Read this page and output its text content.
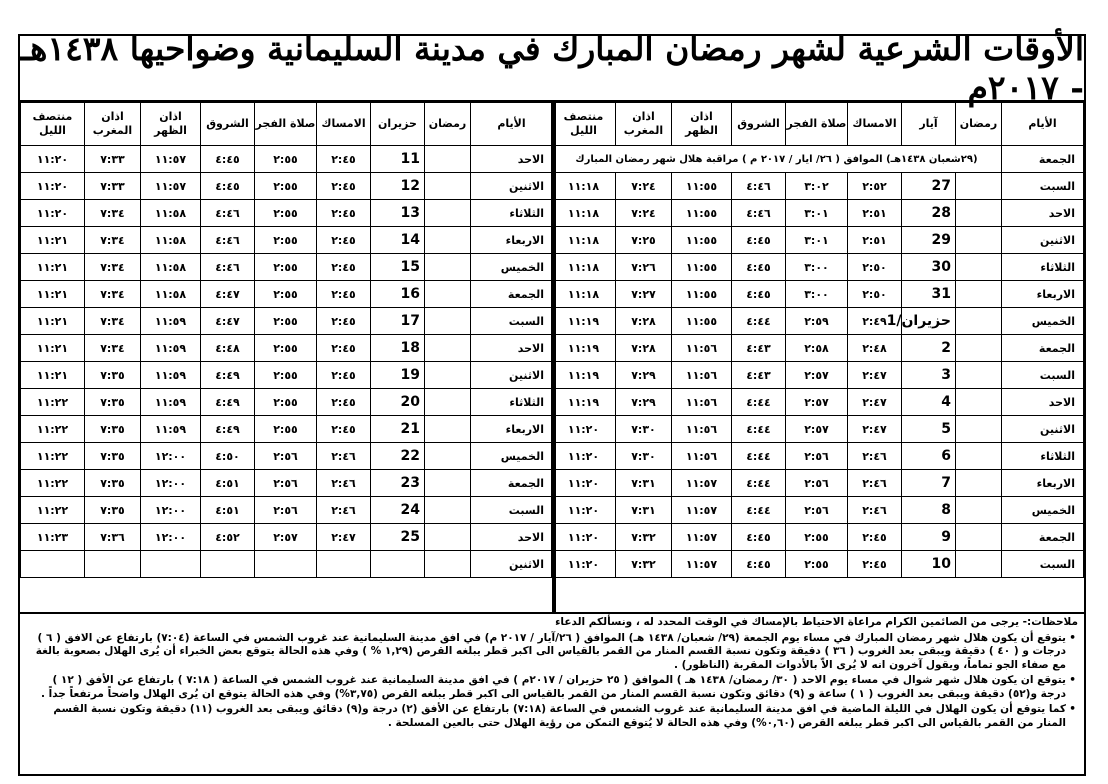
الأوقات الشرعية لشهر رمضان المبارك في مدينة السليمانية وضواحيها ١٤٣٨هـ - ٢٠١٧م
الأيام	رمضان	آيار	الامساك	صلاة الفجر	الشروق	اذان الظهر	اذان المغرب	منتصف الليل
الجمعة	(٢٩شعبان ١٤٣٨هـ) الموافق ( ٢٦/ ايار / ٢٠١٧ م ) مراقبة هلال شهر رمضان المبارك							
السبت		27	٢:٥٢	٣:٠٢	٤:٤٦	١١:٥٥	٧:٢٤	١١:١٨
الاحد		28	٢:٥١	٣:٠١	٤:٤٦	١١:٥٥	٧:٢٤	١١:١٨
الاثنين		29	٢:٥١	٣:٠١	٤:٤٥	١١:٥٥	٧:٢٥	١١:١٨
الثلاثاء		30	٢:٥٠	٣:٠٠	٤:٤٥	١١:٥٥	٧:٢٦	١١:١٨
الاربعاء		31	٢:٥٠	٣:٠٠	٤:٤٥	١١:٥٥	٧:٢٧	١١:١٨
الخميس		حزيران/1	٢:٤٩	٢:٥٩	٤:٤٤	١١:٥٥	٧:٢٨	١١:١٩
الجمعة		2	٢:٤٨	٢:٥٨	٤:٤٣	١١:٥٦	٧:٢٨	١١:١٩
السبت		3	٢:٤٧	٢:٥٧	٤:٤٣	١١:٥٦	٧:٢٩	١١:١٩
الاحد		4	٢:٤٧	٢:٥٧	٤:٤٤	١١:٥٦	٧:٢٩	١١:١٩
الاثنين		5	٢:٤٧	٢:٥٧	٤:٤٤	١١:٥٦	٧:٣٠	١١:٢٠
الثلاثاء		6	٢:٤٦	٢:٥٦	٤:٤٤	١١:٥٦	٧:٣٠	١١:٢٠
الاربعاء		7	٢:٤٦	٢:٥٦	٤:٤٤	١١:٥٧	٧:٣١	١١:٢٠
الخميس		8	٢:٤٦	٢:٥٦	٤:٤٤	١١:٥٧	٧:٣١	١١:٢٠
الجمعة		9	٢:٤٥	٢:٥٥	٤:٤٥	١١:٥٧	٧:٣٢	١١:٢٠
السبت		10	٢:٤٥	٢:٥٥	٤:٤٥	١١:٥٧	٧:٣٢	١١:٢٠
الأيام	رمضان	حزيران	الامساك	صلاة الفجر	الشروق	اذان الظهر	اذان المغرب	منتصف الليل
الاحد		11	٢:٤٥	٢:٥٥	٤:٤٥	١١:٥٧	٧:٣٣	١١:٢٠
الاثنين		12	٢:٤٥	٢:٥٥	٤:٤٥	١١:٥٧	٧:٣٣	١١:٢٠
الثلاثاء		13	٢:٤٥	٢:٥٥	٤:٤٦	١١:٥٨	٧:٣٤	١١:٢٠
الاربعاء		14	٢:٤٥	٢:٥٥	٤:٤٦	١١:٥٨	٧:٣٤	١١:٢١
الخميس		15	٢:٤٥	٢:٥٥	٤:٤٦	١١:٥٨	٧:٣٤	١١:٢١
الجمعة		16	٢:٤٥	٢:٥٥	٤:٤٧	١١:٥٨	٧:٣٤	١١:٢١
السبت		17	٢:٤٥	٢:٥٥	٤:٤٧	١١:٥٩	٧:٣٤	١١:٢١
الاحد		18	٢:٤٥	٢:٥٥	٤:٤٨	١١:٥٩	٧:٣٤	١١:٢١
الاثنين		19	٢:٤٥	٢:٥٥	٤:٤٩	١١:٥٩	٧:٣٥	١١:٢١
الثلاثاء		20	٢:٤٥	٢:٥٥	٤:٤٩	١١:٥٩	٧:٣٥	١١:٢٢
الاربعاء		21	٢:٤٥	٢:٥٥	٤:٤٩	١١:٥٩	٧:٣٥	١١:٢٢
الخميس		22	٢:٤٦	٢:٥٦	٤:٥٠	١٢:٠٠	٧:٣٥	١١:٢٢
الجمعة		23	٢:٤٦	٢:٥٦	٤:٥١	١٢:٠٠	٧:٣٥	١١:٢٢
السبت		24	٢:٤٦	٢:٥٦	٤:٥١	١٢:٠٠	٧:٣٥	١١:٢٢
الاحد		25	٢:٤٧	٢:٥٧	٤:٥٢	١٢:٠٠	٧:٣٦	١١:٢٣
الاثنين								
ملاحظات:- يرجى من الصائمين الكرام مراعاة الاحتياط بالإمساك في الوقت المحدد له ، ونسألكم الدعاء
• يتوقع أن يكون هلال شهر رمضان المبارك في مساء يوم الجمعة (٢٩/ شعبان/ ١٤٣٨ هـ) الموافق ( ٢٦/آيار / ٢٠١٧ م) في افق مدينة السليمانية عند غروب الشمس في الساعة (٧:٠٤) بارتفاع عن الافق ( ٦ ) درجات و ( ٤٠ ) دقيقة ويبقى بعد الغروب ( ٣٦ ) دقيقة وتكون نسبة القسم المنار من القمر بالقياس الى اكبر قطر يبلغه القرص (١,٢٩ % ) وفي هذه الحالة يتوقع بعض الخبراء أن يُرى الهلال بصعوبة بالغة مع صفاء الجو تماماً، ويقول آخرون انه لا يُرى الاّ بالأدوات المقربة (الناظور) .
• يتوقع ان يكون هلال شهر شوال في مساء يوم الاحد ( ٣٠/ رمضان/ ١٤٣٨ هـ ) الموافق ( ٢٥ حزيران / ٢٠١٧م ) في افق مدينة السليمانية عند غروب الشمس في الساعة ( ٧:١٨ ) بارتفاع عن الأفق ( ١٢ ) درجة و(٥٢) دقيقة ويبقى بعد الغروب ( ١ ) ساعة و (٩) دقائق وتكون نسبة القسم المنار من القمر بالقياس الى اكبر قطر يبلغه القرص (٣,٧٥%) وفي هذه الحالة يتوقع ان يُرى الهلال واضحاً مرتفعاً جداً .
• كما يتوقع أن يكون الهلال في الليلة الماضية في افق مدينة السليمانية عند غروب الشمس في الساعة (٧:١٨) بارتفاع عن الأفق (٢) درجة و(٩) دقائق ويبقى بعد الغروب (١١) دقيقة وتكون نسبة القسم المنار من القمر بالقياس الى اكبر قطر يبلغه القرص (٠,٦٠%) وفي هذه الحالة لا يُتوقع التمكن من رؤية الهلال حتى بالعين المسلحة .
